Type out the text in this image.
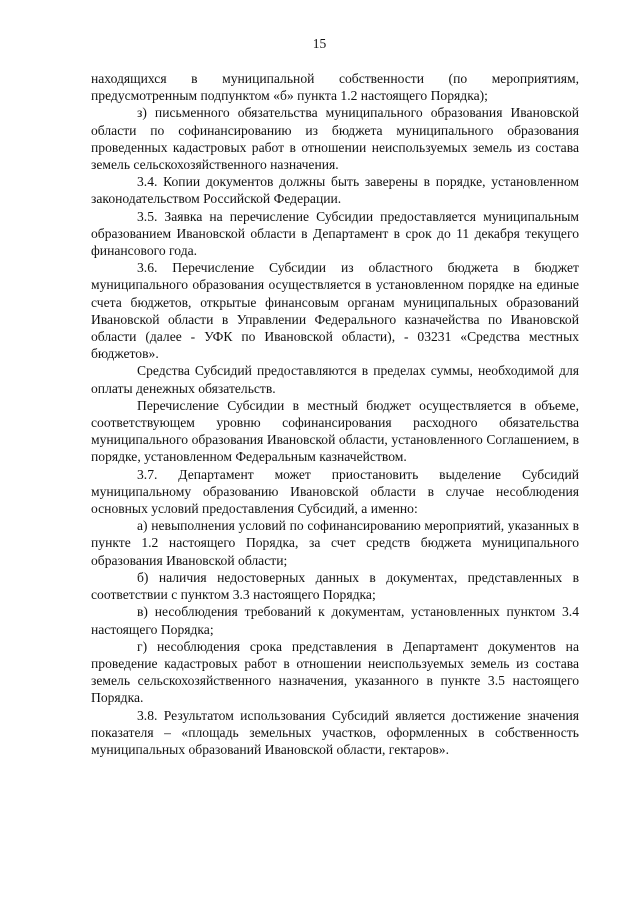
15

находящихся в муниципальной собственности (по мероприятиям, предусмотренным подпунктом «б» пункта 1.2 настоящего Порядка);

з) письменного обязательства муниципального образования Ивановской области по софинансированию из бюджета муниципального образования проведенных кадастровых работ в отношении неиспользуемых земель из состава земель сельскохозяйственного назначения.

3.4. Копии документов должны быть заверены в порядке, установленном законодательством Российской Федерации.

3.5. Заявка на перечисление Субсидии предоставляется муниципальным образованием Ивановской области в Департамент в срок до 11 декабря текущего финансового года.

3.6. Перечисление Субсидии из областного бюджета в бюджет муниципального образования осуществляется в установленном порядке на единые счета бюджетов, открытые финансовым органам муниципальных образований Ивановской области в Управлении Федерального казначейства по Ивановской области (далее - УФК по Ивановской области), - 03231 «Средства местных бюджетов».

Средства Субсидий предоставляются в пределах суммы, необходимой для оплаты денежных обязательств.

Перечисление Субсидии в местный бюджет осуществляется в объеме, соответствующем уровню софинансирования расходного обязательства муниципального образования Ивановской области, установленного Соглашением, в порядке, установленном Федеральным казначейством.

3.7. Департамент может приостановить выделение Субсидий муниципальному образованию Ивановской области в случае несоблюдения основных условий предоставления Субсидий, а именно:

а) невыполнения условий по софинансированию мероприятий, указанных в пункте 1.2 настоящего Порядка, за счет средств бюджета муниципального образования Ивановской области;

б) наличия недостоверных данных в документах, представленных в соответствии с пунктом 3.3 настоящего Порядка;

в) несоблюдения требований к документам, установленных пунктом 3.4 настоящего Порядка;

г) несоблюдения срока представления в Департамент документов на проведение кадастровых работ в отношении неиспользуемых земель из состава земель сельскохозяйственного назначения, указанного в пункте 3.5 настоящего Порядка.

3.8. Результатом использования Субсидий является достижение значения показателя – «площадь земельных участков, оформленных в собственность муниципальных образований Ивановской области, гектаров».
